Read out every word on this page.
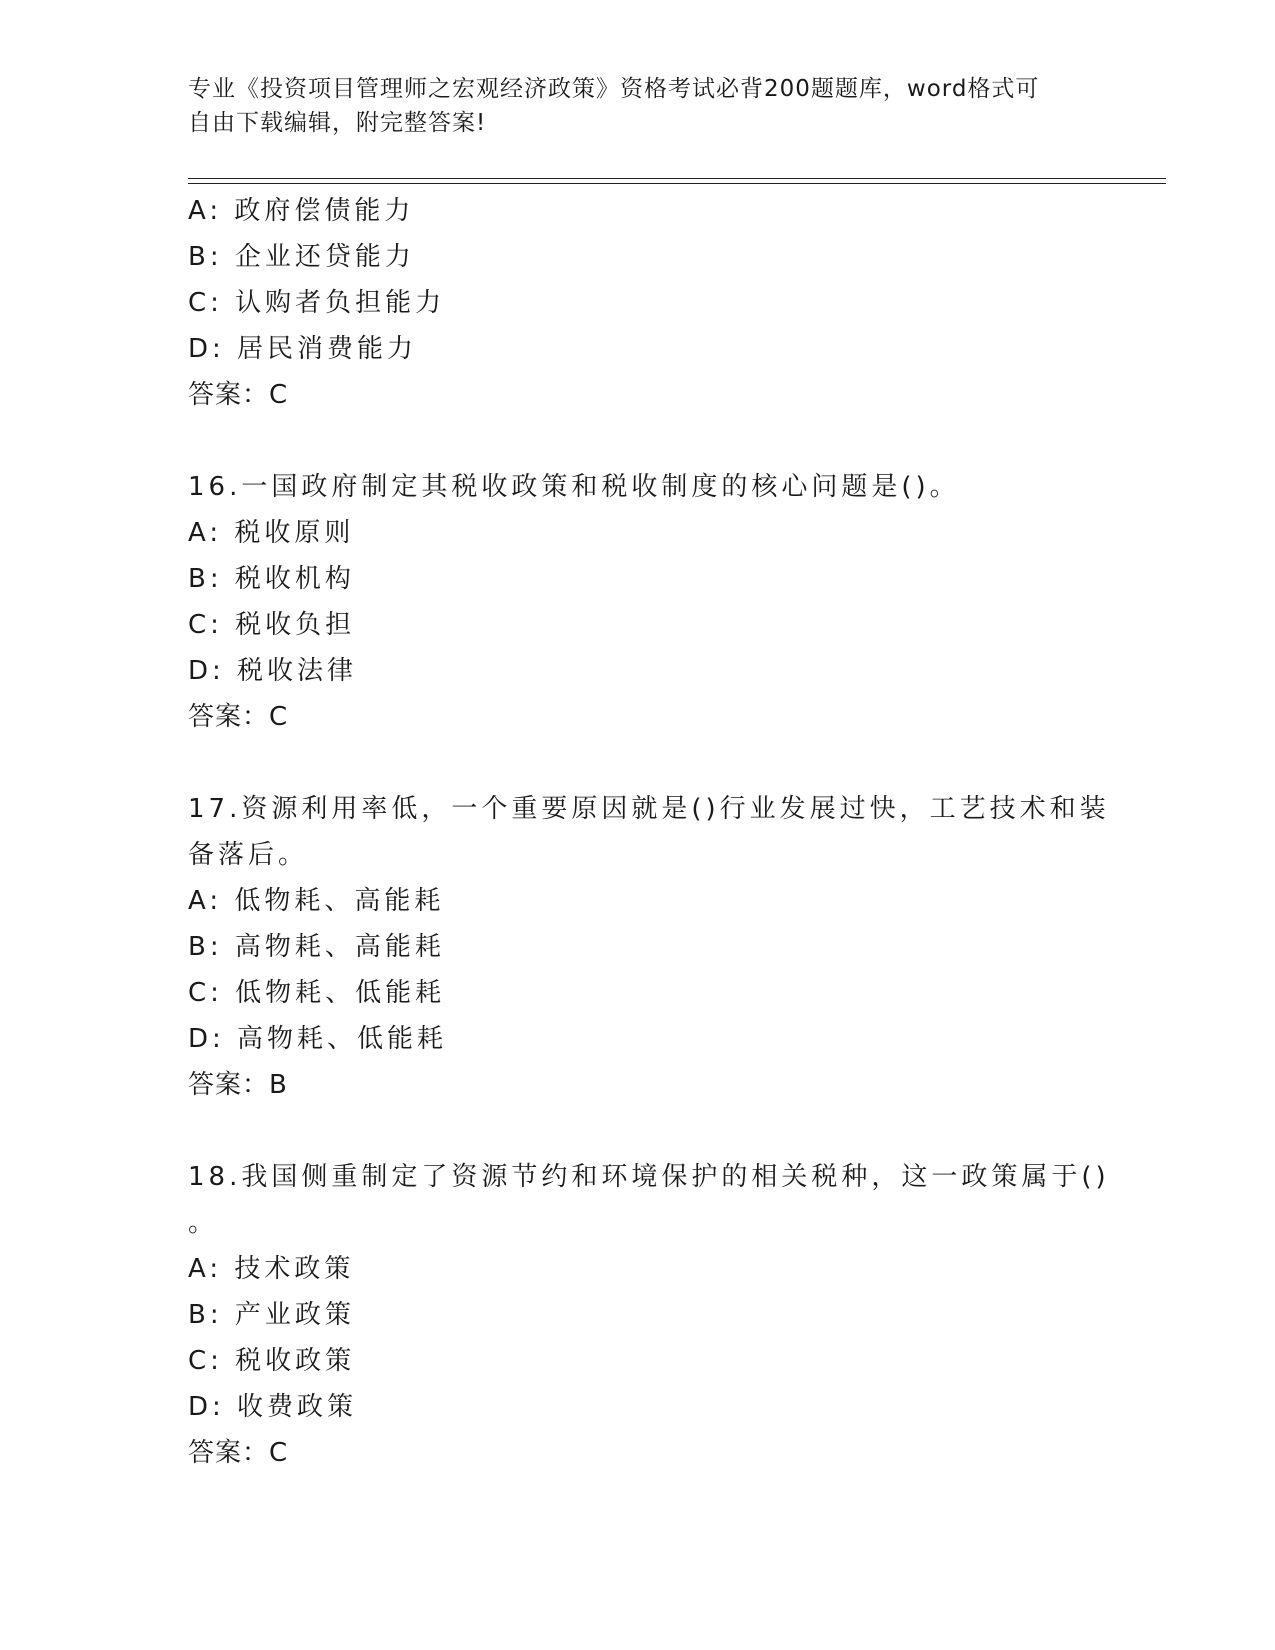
专业《投资项目管理师之宏观经济政策》资格考试必背200题题库，word格式可

自由下载编辑，附完整答案!

A: 政府偿债能力
B: 企业还贷能力
C: 认购者负担能力
D: 居民消费能力
答案：C
16.一国政府制定其税收政策和税收制度的核心问题是()。
A: 税收原则
B: 税收机构
C: 税收负担
D: 税收法律
答案：C
17.资源利用率低，一个重要原因就是()行业发展过快，工艺技术和装
备落后。
A: 低物耗、高能耗
B: 高物耗、高能耗
C: 低物耗、低能耗
D: 高物耗、低能耗
答案：B
18.我国侧重制定了资源节约和环境保护的相关税种，这一政策属于()
。
A: 技术政策
B: 产业政策
C: 税收政策
D: 收费政策
答案：C
